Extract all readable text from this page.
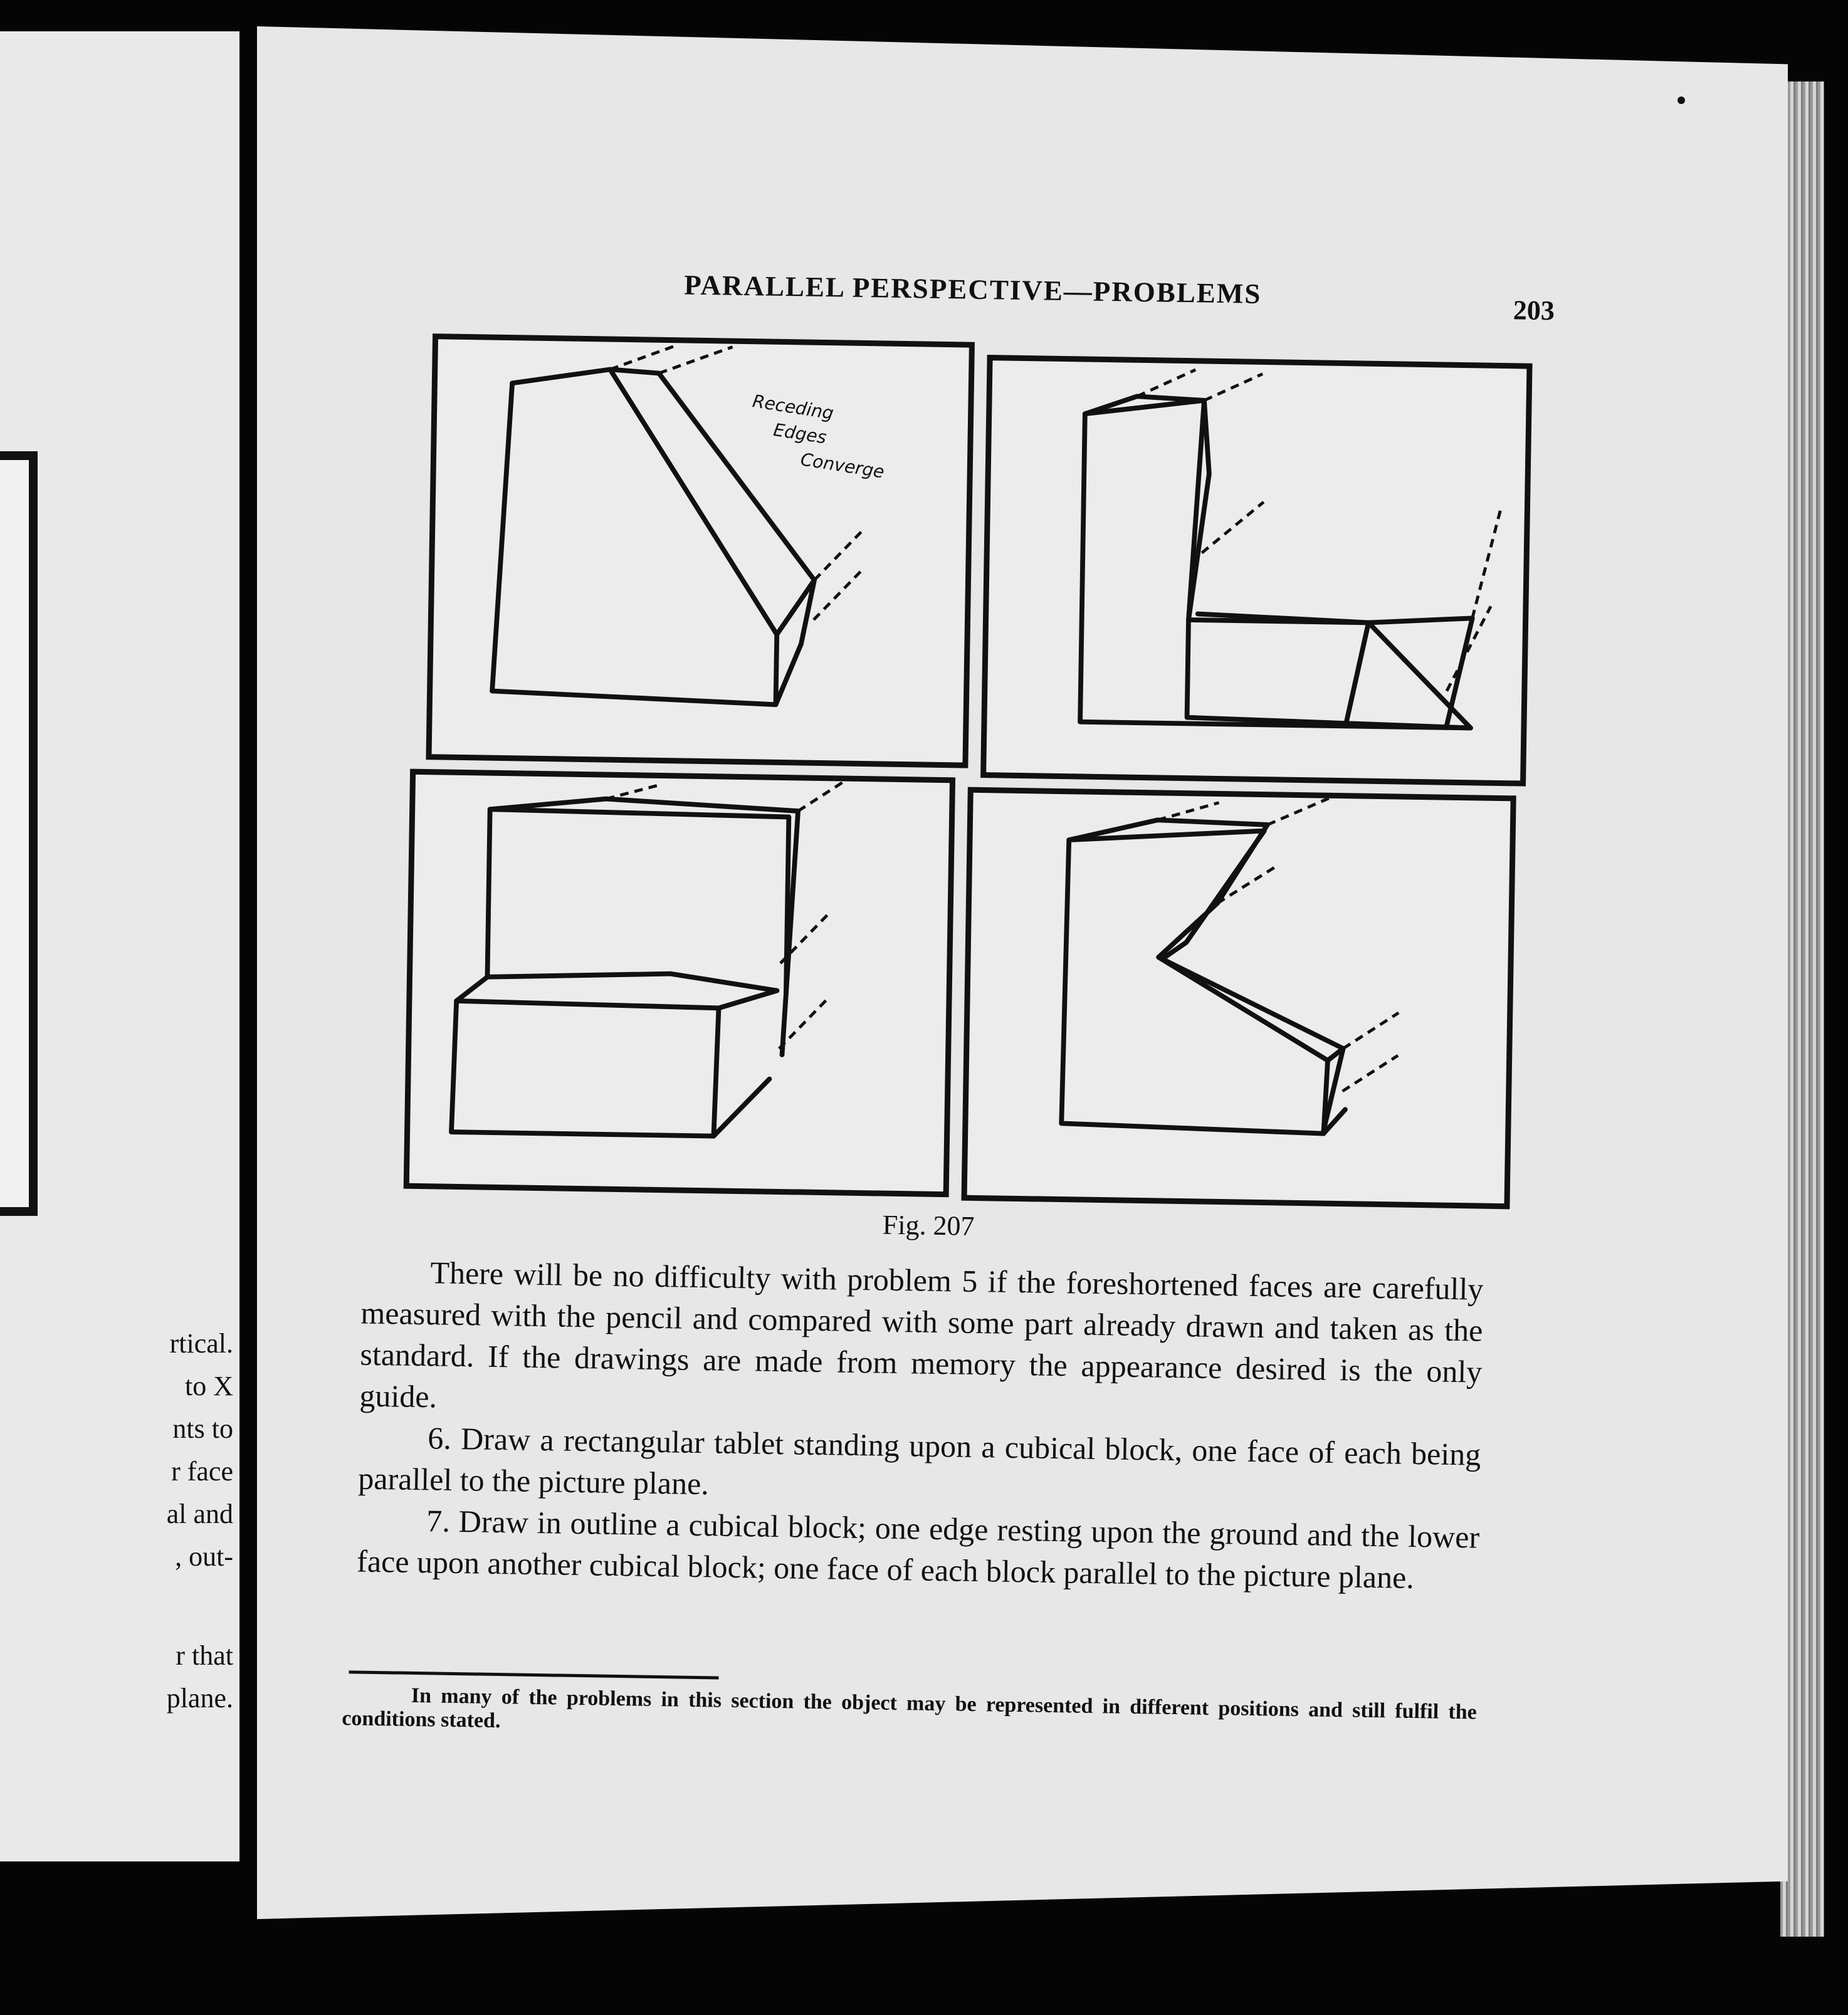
rtical.
to X
nts to
r face
al and
, out-
r that
plane.
PARALLEL PERSPECTIVE—PROBLEMS
203
Receding
Edges
Converge
Fig. 207

There will be no difficulty with problem 5 if the foreshortened faces are carefully measured with the pencil and compared with some part already drawn and taken as the standard. If the drawings are made from memory the appearance desired is the only guide.

6. Draw a rectangular tablet standing upon a cubical block, one face of each being parallel to the picture plane.

7. Draw in outline a cubical block; one edge resting upon the ground and the lower face upon another cubical block; one face of each block parallel to the picture plane.

In many of the problems in this section the object may be represented in different positions and still fulfil the conditions stated.
